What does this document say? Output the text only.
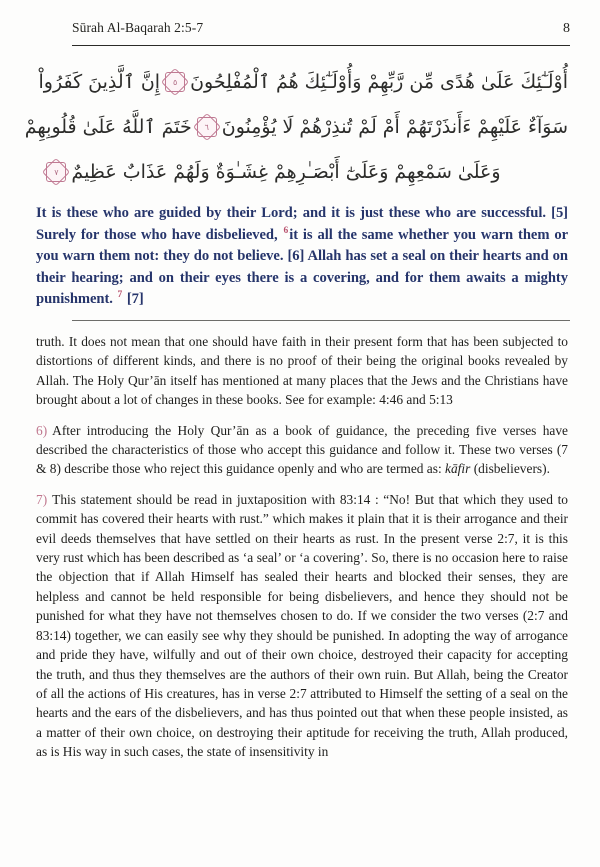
Sūrah Al-Baqarah 2:5-7	8
أُوْلَـٰٓئِكَ عَلَىٰ هُدًى مِّن رَّبِّهِمْ وَأُوْلَـٰٓئِكَ هُمُ ٱلْمُفْلِحُونَ
٥
إِنَّ ٱلَّذِينَ كَفَرُواْ
سَوَآءٌ عَلَيْهِمْ ءَأَنذَرْتَهُمْ أَمْ لَمْ تُنذِرْهُمْ لَا يُؤْمِنُونَ
٦
خَتَمَ ٱللَّهُ عَلَىٰ قُلُوبِهِمْ
وَعَلَىٰ سَمْعِهِمْ وَعَلَىٰٓ أَبْصَـٰرِهِمْ غِشَـٰوَةٌ وَلَهُمْ عَذَابٌ عَظِيمٌ
٧
It is these who are guided by their Lord; and it is just these who are successful. [5] Surely for those who have disbelieved, $^6$it is all the same whether you warn them or you warn them not: they do not believe. [6] Allah has set a seal on their hearts and on their hearing; and on their eyes there is a covering, and for them awaits a mighty punishment. $^7$ [7]

truth. It does not mean that one should have faith in their present form that has been subjected to distortions of different kinds, and there is no proof of their being the original books revealed by Allah. The Holy Qur’ān itself has mentioned at many places that the Jews and the Christians have brought about a lot of changes in these books. See for example: 4:46 and 5:13

6) After introducing the Holy Qur’ān as a book of guidance, the preceding five verses have described the characteristics of those who accept this guidance and follow it. These two verses (7 & 8) describe those who reject this guidance openly and who are termed as: kāfir (disbelievers).

7) This statement should be read in juxtaposition with 83:14 : “No! But that which they used to commit has covered their hearts with rust.” which makes it plain that it is their arrogance and their evil deeds themselves that have settled on their hearts as rust. In the present verse 2:7, it is this very rust which has been described as ‘a seal’ or ‘a covering’. So, there is no occasion here to raise the objection that if Allah Himself has sealed their hearts and blocked their senses, they are helpless and cannot be held responsible for being disbelievers, and hence they should not be punished for what they have not themselves chosen to do. If we consider the two verses (2:7 and 83:14) together, we can easily see why they should be punished. In adopting the way of arrogance and pride they have, wilfully and out of their own choice, destroyed their capacity for accepting the truth, and thus they themselves are the authors of their own ruin. But Allah, being the Creator of all the actions of His creatures, has in verse 2:7 attributed to Himself the setting of a seal on the hearts and the ears of the disbelievers, and has thus pointed out that when these people insisted, as a matter of their own choice, on destroying their aptitude for receiving the truth, Allah produced, as is His way in such cases, the state of insensitivity in
